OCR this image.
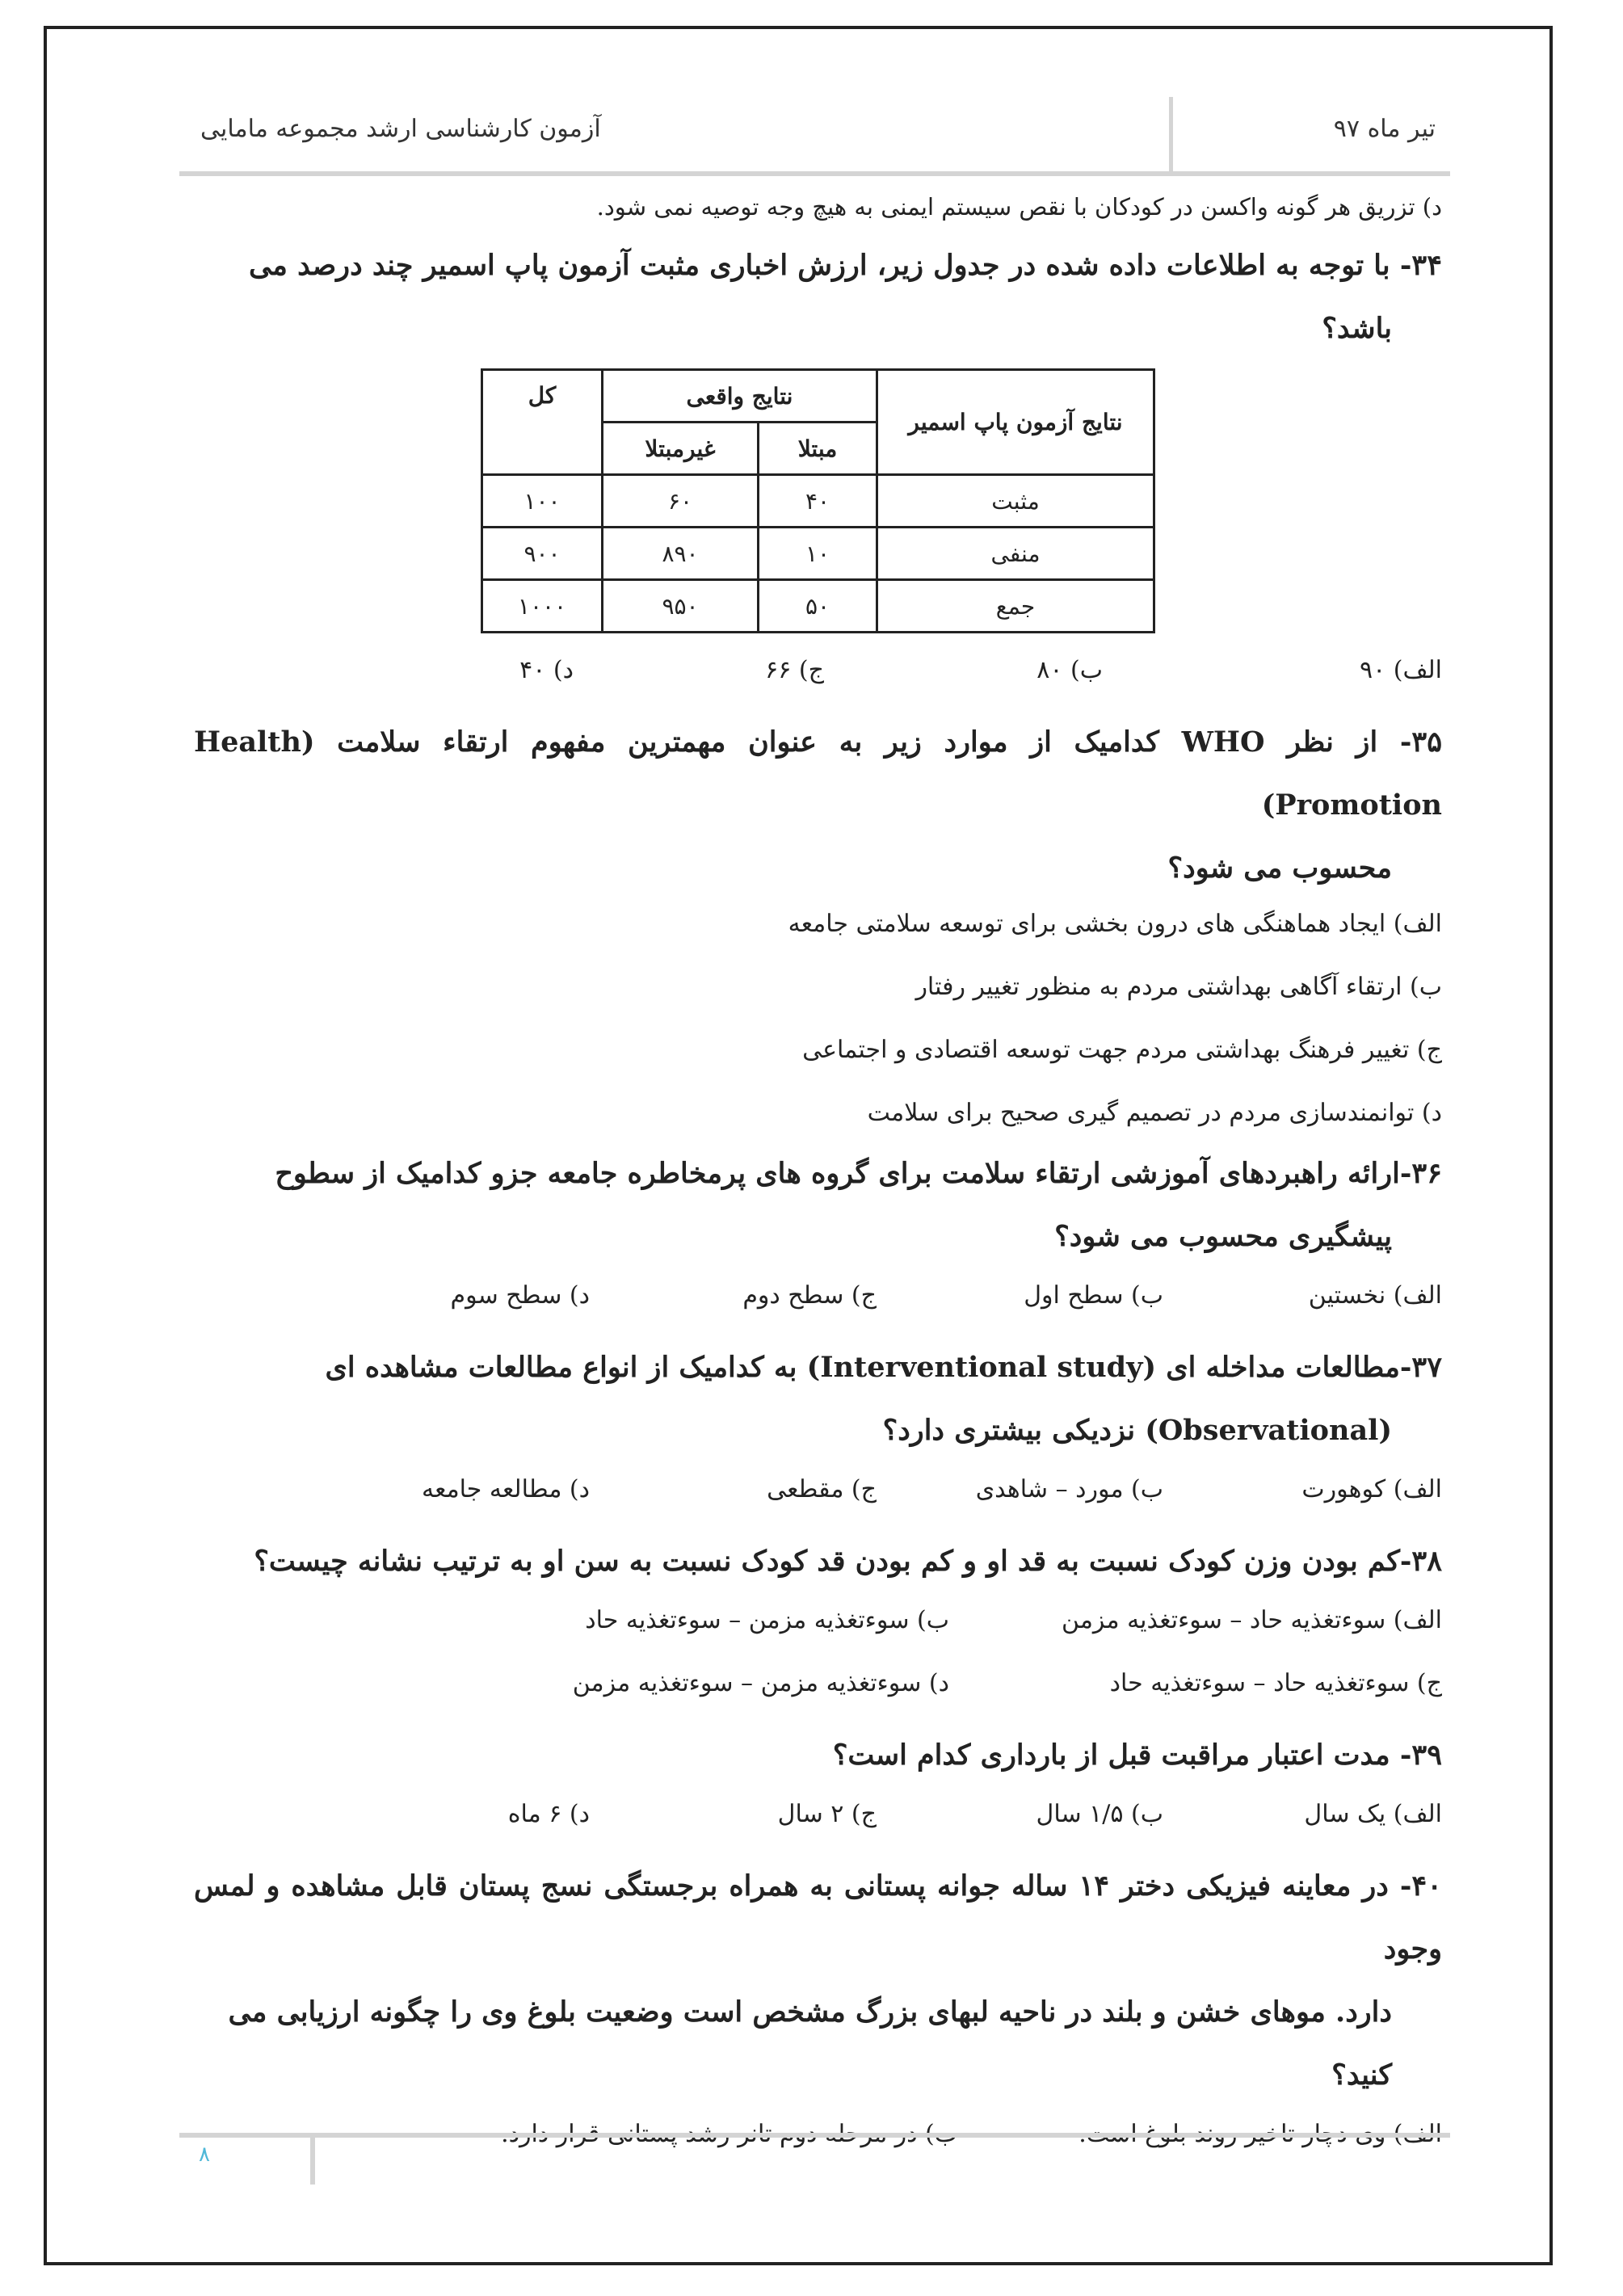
تیر ماه ۹۷
آزمون کارشناسی ارشد مجموعه مامایی
د) تزریق هر گونه واکسن در کودکان با نقص سیستم ایمنی به هیچ وجه توصیه نمی شود.
۳۴- با توجه به اطلاعات داده شده در جدول زیر، ارزش اخباری مثبت آزمون پاپ اسمیر چند درصد می
باشد؟
نتایج آزمون پاپ اسمیر	نتایج واقعی		کل
	مبتلا	غیرمبتلا	
مثبت	۴۰	۶۰	۱۰۰
منفی	۱۰	۸۹۰	۹۰۰
جمع	۵۰	۹۵۰	۱۰۰۰
الف) ۹۰
ب) ۸۰
ج) ۶۶
د) ۴۰
۳۵- از نظر WHO کدامیک از موارد زیر به عنوان مهمترین مفهوم ارتقاء سلامت (Health Promotion)
محسوب می شود؟
الف) ایجاد هماهنگی های درون بخشی برای توسعه سلامتی جامعه
ب) ارتقاء آگاهی بهداشتی مردم به منظور تغییر رفتار
ج) تغییر فرهنگ بهداشتی مردم جهت توسعه اقتصادی و اجتماعی
د) توانمندسازی مردم در تصمیم گیری صحیح برای سلامت
۳۶-ارائه راهبردهای آموزشی ارتقاء سلامت برای گروه های پرمخاطره جامعه جزو کدامیک از سطوح
پیشگیری محسوب می شود؟
الف) نخستین
ب) سطح اول
ج) سطح دوم
د) سطح سوم
۳۷-مطالعات مداخله ای (Interventional study) به کدامیک از انواع مطالعات مشاهده ای
(Observational) نزدیکی بیشتری دارد؟
الف) کوهورت
ب) مورد – شاهدی
ج) مقطعی
د) مطالعه جامعه
۳۸-کم بودن وزن کودک نسبت به قد او و کم بودن قد کودک نسبت به سن او به ترتیب نشانه چیست؟
الف) سوءتغذیه حاد – سوءتغذیه مزمن
ب) سوءتغذیه مزمن – سوءتغذیه حاد
ج) سوءتغذیه حاد – سوءتغذیه حاد
د) سوءتغذیه مزمن – سوءتغذیه مزمن
۳۹- مدت اعتبار مراقبت قبل از بارداری کدام است؟
الف) یک سال
ب) ۱/۵ سال
ج) ۲ سال
د) ۶ ماه
۴۰- در معاینه فیزیکی دختر ۱۴ ساله جوانه پستانی به همراه برجستگی نسج پستان قابل مشاهده و لمس وجود
دارد. موهای خشن و بلند در ناحیه لبهای بزرگ مشخص است وضعیت بلوغ وی را چگونه ارزیابی می
کنید؟
۸
